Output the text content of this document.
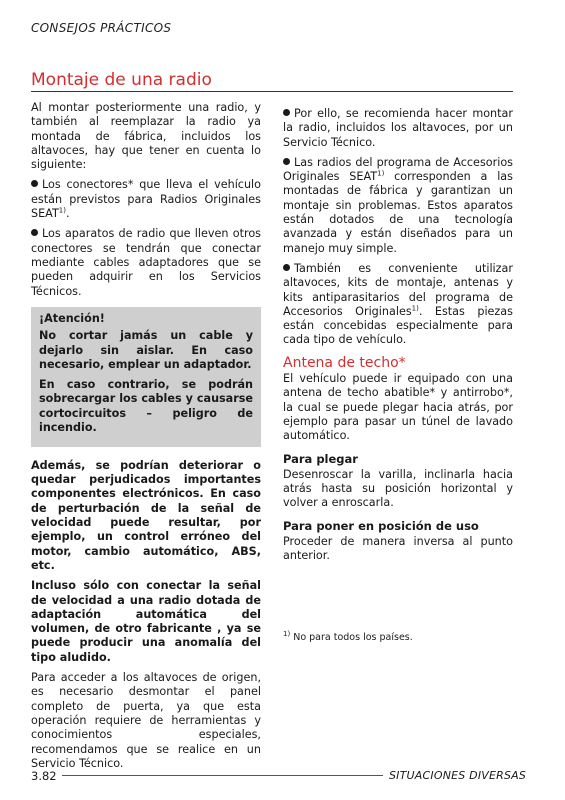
CONSEJOS PRÁCTICOS
Montaje de una radio

Al montar posteriormente una radio, y también al reemplazar la radio ya montada de fábrica, incluidos los altavoces, hay que tener en cuenta lo siguiente:

Los conectores* que lleva el vehículo están previstos para Radios Originales SEAT$^{1)}$.

Los aparatos de radio que lleven otros conectores se tendrán que conectar mediante cables adaptadores que se pueden adquirir en los Servicios Técnicos.

¡Atención!

No cortar jamás un cable y dejarlo sin aislar. En caso necesario, emplear un adaptador.

En caso contrario, se podrán sobrecargar los cables y causarse cortocircuitos – peligro de incendio.

Además, se podrían deteriorar o quedar perjudicados importantes componentes electrónicos. En caso de perturbación de la señal de velocidad puede resultar, por ejemplo, un control erróneo del motor, cambio automático, ABS, etc.

Incluso sólo con conectar la señal de velocidad a una radio dotada de adaptación automática del volumen, de otro fabricante , ya se puede producir una anomalía del tipo aludido.

Para acceder a los altavoces de origen, es necesario desmontar el panel completo de puerta, ya que esta operación requiere de herramientas y conocimientos especiales, recomendamos que se realice en un Servicio Técnico.

Por ello, se recomienda hacer montar la radio, incluidos los altavoces, por un Servicio Técnico.

Las radios del programa de Accesorios Originales SEAT$^{1)}$ corresponden a las montadas de fábrica y garantizan un montaje sin problemas. Estos aparatos están dotados de una tecnología avanzada y están diseñados para un manejo muy simple.

También es conveniente utilizar altavoces, kits de montaje, antenas y kits antiparasitarios del programa de Accesorios Originales$^{1)}$. Estas piezas están concebidas especialmente para cada tipo de vehículo.

Antena de techo*

El vehículo puede ir equipado con una antena de techo abatible* y antirrobo*, la cual se puede plegar hacia atrás, por ejemplo para pasar un túnel de lavado automático.

Para plegar

Desenroscar la varilla, inclinarla hacia atrás hasta su posición horizontal y volver a enroscarla.

Para poner en posición de uso

Proceder de manera inversa al punto anterior.

$^{1)}$ No para todos los países.
3.82	SITUACIONES DIVERSAS
